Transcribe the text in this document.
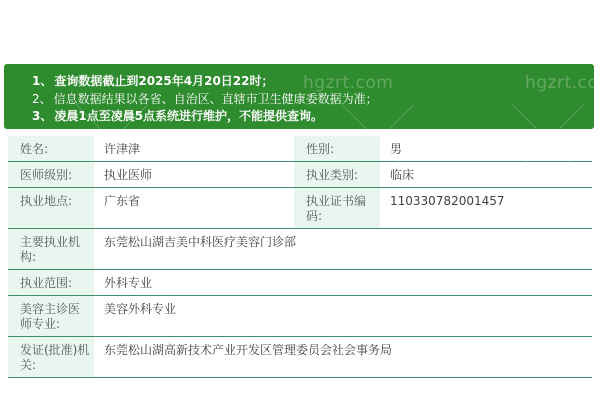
1、 查询数据截止到2025年4月20日22时；
2、 信息数据结果以各省、自治区、直辖市卫生健康委数据为准；
3、 凌晨1点至凌晨5点系统进行维护，不能提供查询。
hgzrt.com	hgzrt.com
姓名:	许津津	性别:	男
医师级别:	执业医师	执业类别:	临床
执业地点:	广东省	执业证书编码:
110330782001457
主要执业机构:
东莞松山湖吉美中科医疗美容门诊部
执业范围:	外科专业
美容主诊医师专业:
美容外科专业
发证(批准)机关:
东莞松山湖高新技术产业开发区管理委员会社会事务局
